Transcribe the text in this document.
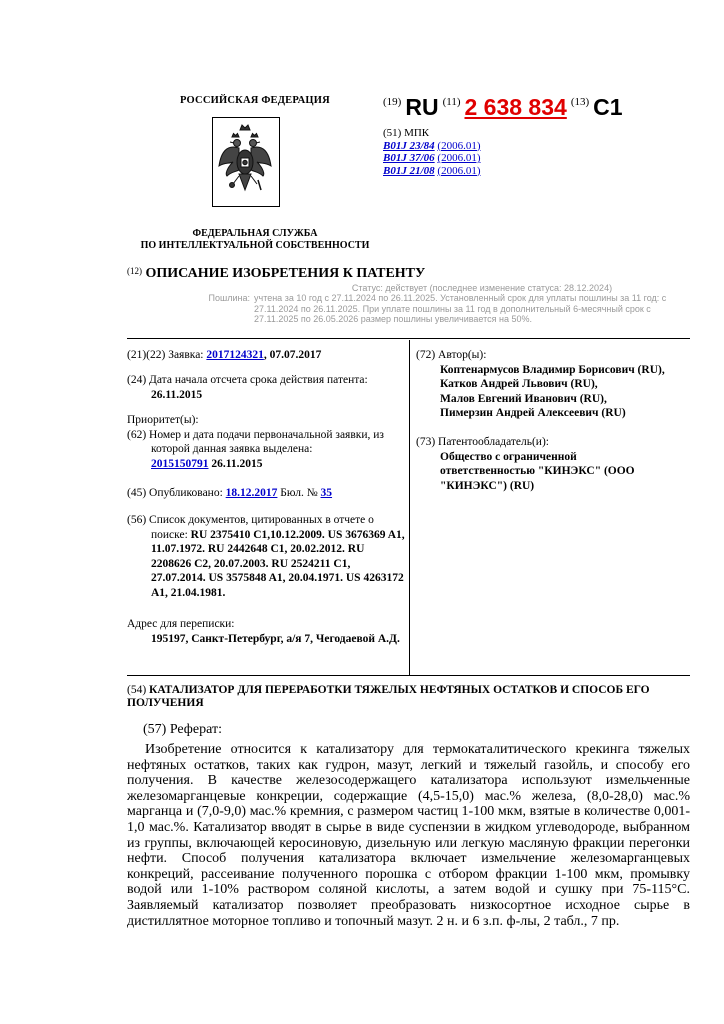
РОССИЙСКАЯ ФЕДЕРАЦИЯ
ФЕДЕРАЛЬНАЯ СЛУЖБА
ПО ИНТЕЛЛЕКТУАЛЬНОЙ СОБСТВЕННОСТИ
$^{(19)}$ RU $^{(11)}$ 2 638 834 $^{(13)}$ C1
(51) МПК
B01J 23/84 (2006.01)
B01J 37/06 (2006.01)
B01J 21/08 (2006.01)
$^{(12)}$ ОПИСАНИЕ ИЗОБРЕТЕНИЯ К ПАТЕНТУ
Статус: действует (последнее изменение статуса: 28.12.2024)
Пошлина: учтена за 10 год с 27.11.2024 по 26.11.2025. Установленный срок для уплаты пошлины за 11 год: с 27.11.2024 по 26.11.2025. При уплате пошлины за 11 год в дополнительный 6-месячный срок с 27.11.2025 по 26.05.2026 размер пошлины увеличивается на 50%.
(21)(22) Заявка: 2017124321, 07.07.2017
(24) Дата начала отсчета срока действия патента:
26.11.2015
Приоритет(ы):
(62) Номер и дата подачи первоначальной заявки, из которой данная заявка выделена:
2015150791 26.11.2015
(45) Опубликовано: 18.12.2017 Бюл. № 35
(56) Список документов, цитированных в отчете о поиске: RU 2375410 C1,10.12.2009. US 3676369 A1, 11.07.1972. RU 2442648 C1, 20.02.2012. RU 2208626 C2, 20.07.2003. RU 2524211 C1, 27.07.2014. US 3575848 A1, 20.04.1971. US 4263172 A1, 21.04.1981.
Адрес для переписки:
195197, Санкт-Петербург, а/я 7, Чегодаевой А.Д.
(72) Автор(ы):
Коптенармусов Владимир Борисович (RU),
Катков Андрей Львович (RU),
Малов Евгений Иванович (RU),
Пимерзин Андрей Алексеевич (RU)
(73) Патентообладатель(и):
Общество с ограниченной ответственностью "КИНЭКС" (ООО "КИНЭКС") (RU)
(54) КАТАЛИЗАТОР ДЛЯ ПЕРЕРАБОТКИ ТЯЖЕЛЫХ НЕФТЯНЫХ ОСТАТКОВ И СПОСОБ ЕГО ПОЛУЧЕНИЯ
(57) Реферат:
Изобретение относится к катализатору для термокаталитического крекинга тяжелых нефтяных остатков, таких как гудрон, мазут, легкий и тяжелый газойль, и способу его получения. В качестве железосодержащего катализатора используют измельченные железомарганцевые конкреции, содержащие (4,5-15,0) мас.% железа, (8,0-28,0) мас.% марганца и (7,0-9,0) мас.% кремния, с размером частиц 1-100 мкм, взятые в количестве 0,001-1,0 мас.%. Катализатор вводят в сырье в виде суспензии в жидком углеводороде, выбранном из группы, включающей керосиновую, дизельную или легкую масляную фракции перегонки нефти. Способ получения катализатора включает измельчение железомарганцевых конкреций, рассеивание полученного порошка с отбором фракции 1-100 мкм, промывку водой или 1-10% раствором соляной кислоты, а затем водой и сушку при 75-115°С. Заявляемый катализатор позволяет преобразовать низкосортное исходное сырье в дистиллятное моторное топливо и топочный мазут. 2 н. и 6 з.п. ф-лы, 2 табл., 7 пр.
